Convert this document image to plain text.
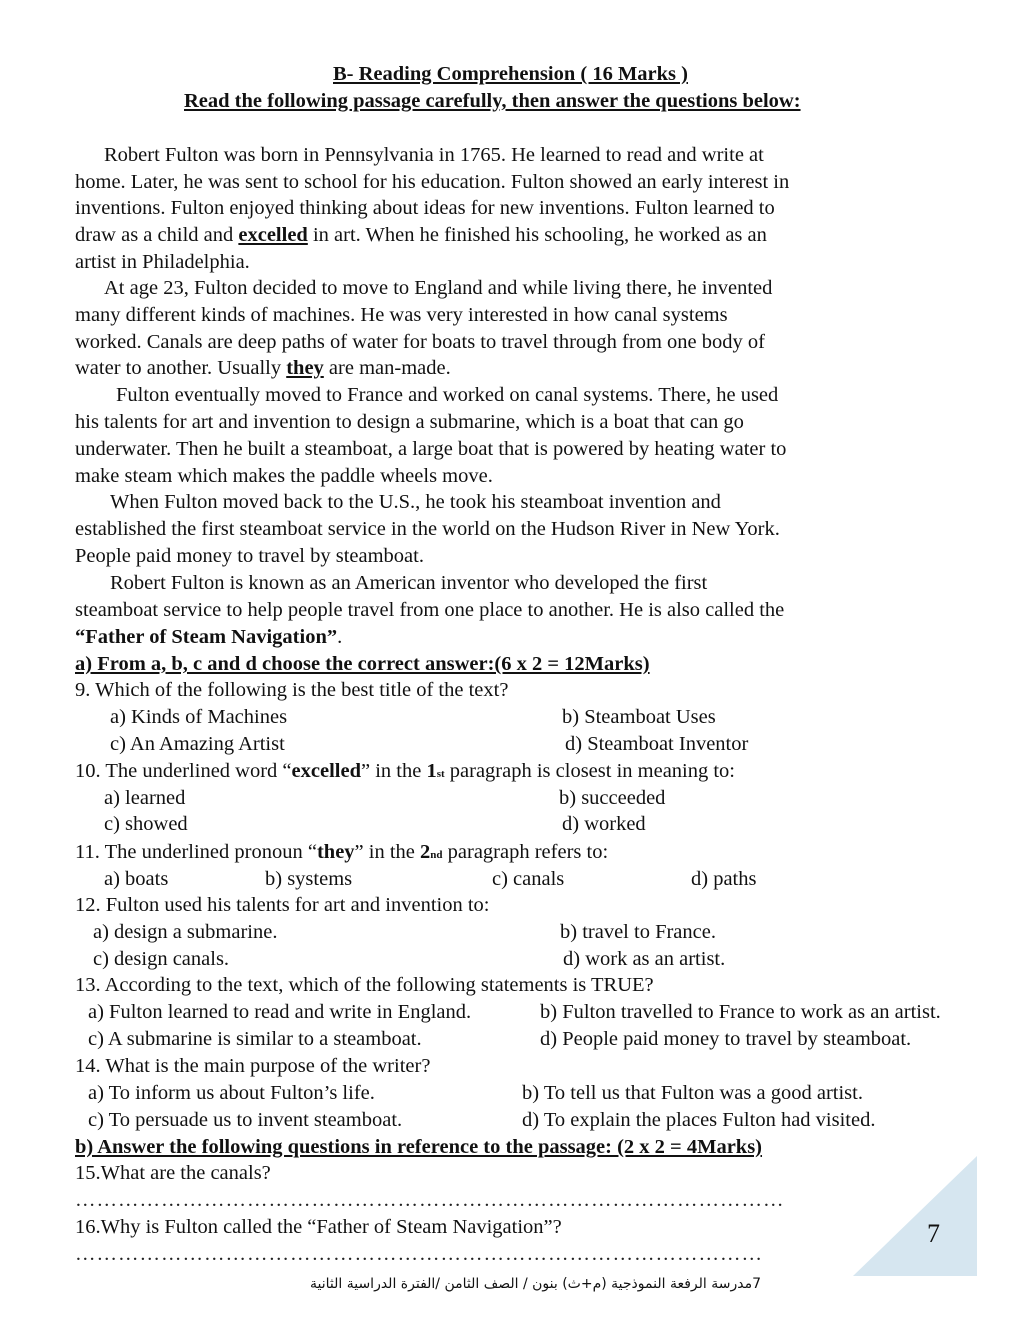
B- Reading Comprehension ( 16 Marks )
Read the following passage carefully, then answer the questions below:
Robert Fulton was born in Pennsylvania in 1765. He learned to read and write at
home. Later, he was sent to school for his education. Fulton showed an early interest in
inventions. Fulton enjoyed thinking about ideas for new inventions. Fulton learned to
draw as a child and excelled in art. When he finished his schooling, he worked as an
artist in Philadelphia.
At age 23, Fulton decided to move to England and while living there, he invented
many different kinds of machines. He was very interested in how canal systems
worked. Canals are deep paths of water for boats to travel through from one body of
water to another. Usually they are man-made.
Fulton eventually moved to France and worked on canal systems. There, he used
his talents for art and invention to design a submarine, which is a boat that can go
underwater. Then he built a steamboat, a large boat that is powered by heating water to
make steam which makes the paddle wheels move.
When Fulton moved back to the U.S., he took his steamboat invention and
established the first steamboat service in the world on the Hudson River in New York.
People paid money to travel by steamboat.
Robert Fulton is known as an American inventor who developed the first
steamboat service to help people travel from one place to another. He is also called the
“Father of Steam Navigation”.
a) From a, b, c and d choose the correct answer:(6 x 2 = 12Marks)
9. Which of the following is the best title of the text?
a) Kinds of Machines	b) Steamboat Uses
c) An Amazing Artist	d) Steamboat Inventor
10. The underlined word “excelled” in the 1st paragraph is closest in meaning to:
a) learned	b) succeeded
c) showed	d) worked
11. The underlined pronoun “they” in the 2nd paragraph refers to:
a) boats	b) systems	c) canals	d) paths
12. Fulton used his talents for art and invention to:
a) design a submarine.	b) travel to France.
c) design canals.	d) work as an artist.
13. According to the text, which of the following statements is TRUE?
a) Fulton learned to read and write in England.	b) Fulton travelled to France to work as an artist.
c) A submarine is similar to a steamboat.	d) People paid money to travel by steamboat.
14. What is the main purpose of the writer?
a) To inform us about Fulton’s life.	b) To tell us that Fulton was a good artist.
c) To persuade us to invent steamboat.	d) To explain the places Fulton had visited.
b) Answer the following questions in reference to the passage: (2 x 2 = 4Marks)
15.What are the canals?
………………………………………………………………………………………
16.Why is Fulton called the “Father of Steam Navigation”?
……………………………………………………………………………………
7
7مدرسة الرفعة النموذجية (م+ث) بنون / الصف الثامن /الفترة الدراسية الثانية
